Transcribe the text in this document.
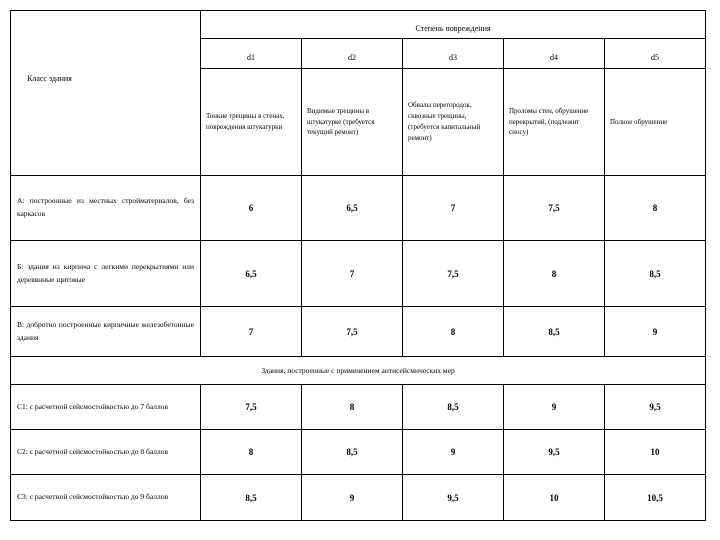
Класс здания	Степень повреждения				
	d1	d2	d3	d4	d5
	Тонкие трещины в стенах, повреждения штукатурки	Видимые трещины в штукатурке (требуется текущий ремонт)	Обвалы перегородок, сквозные трещины, (требуется капитальный ремонт)	Проломы стен, обрушение перекрытий, (подлежит сносу)	Полное обрушение
А: построенные из местных стройматериалов, без каркасов	6	6,5	7	7,5	8
Б: здания из кирпича с легкими перекрытиями или деревянные щитовые	6,5	7	7,5	8	8,5
В: добротно построенные кирпичные железобетонные здания	7	7,5	8	8,5	9
Здания, построенные с применением антисейсмических мер					
С1: с расчетной сейсмостойкостью до 7 баллов	7,5	8	8,5	9	9,5
С2: с расчетной сейсмостойкостью до 8 баллов	8	8,5	9	9,5	10
С3: с расчетной сейсмостойкостью до 9 баллов	8,5	9	9,5	10	10,5
